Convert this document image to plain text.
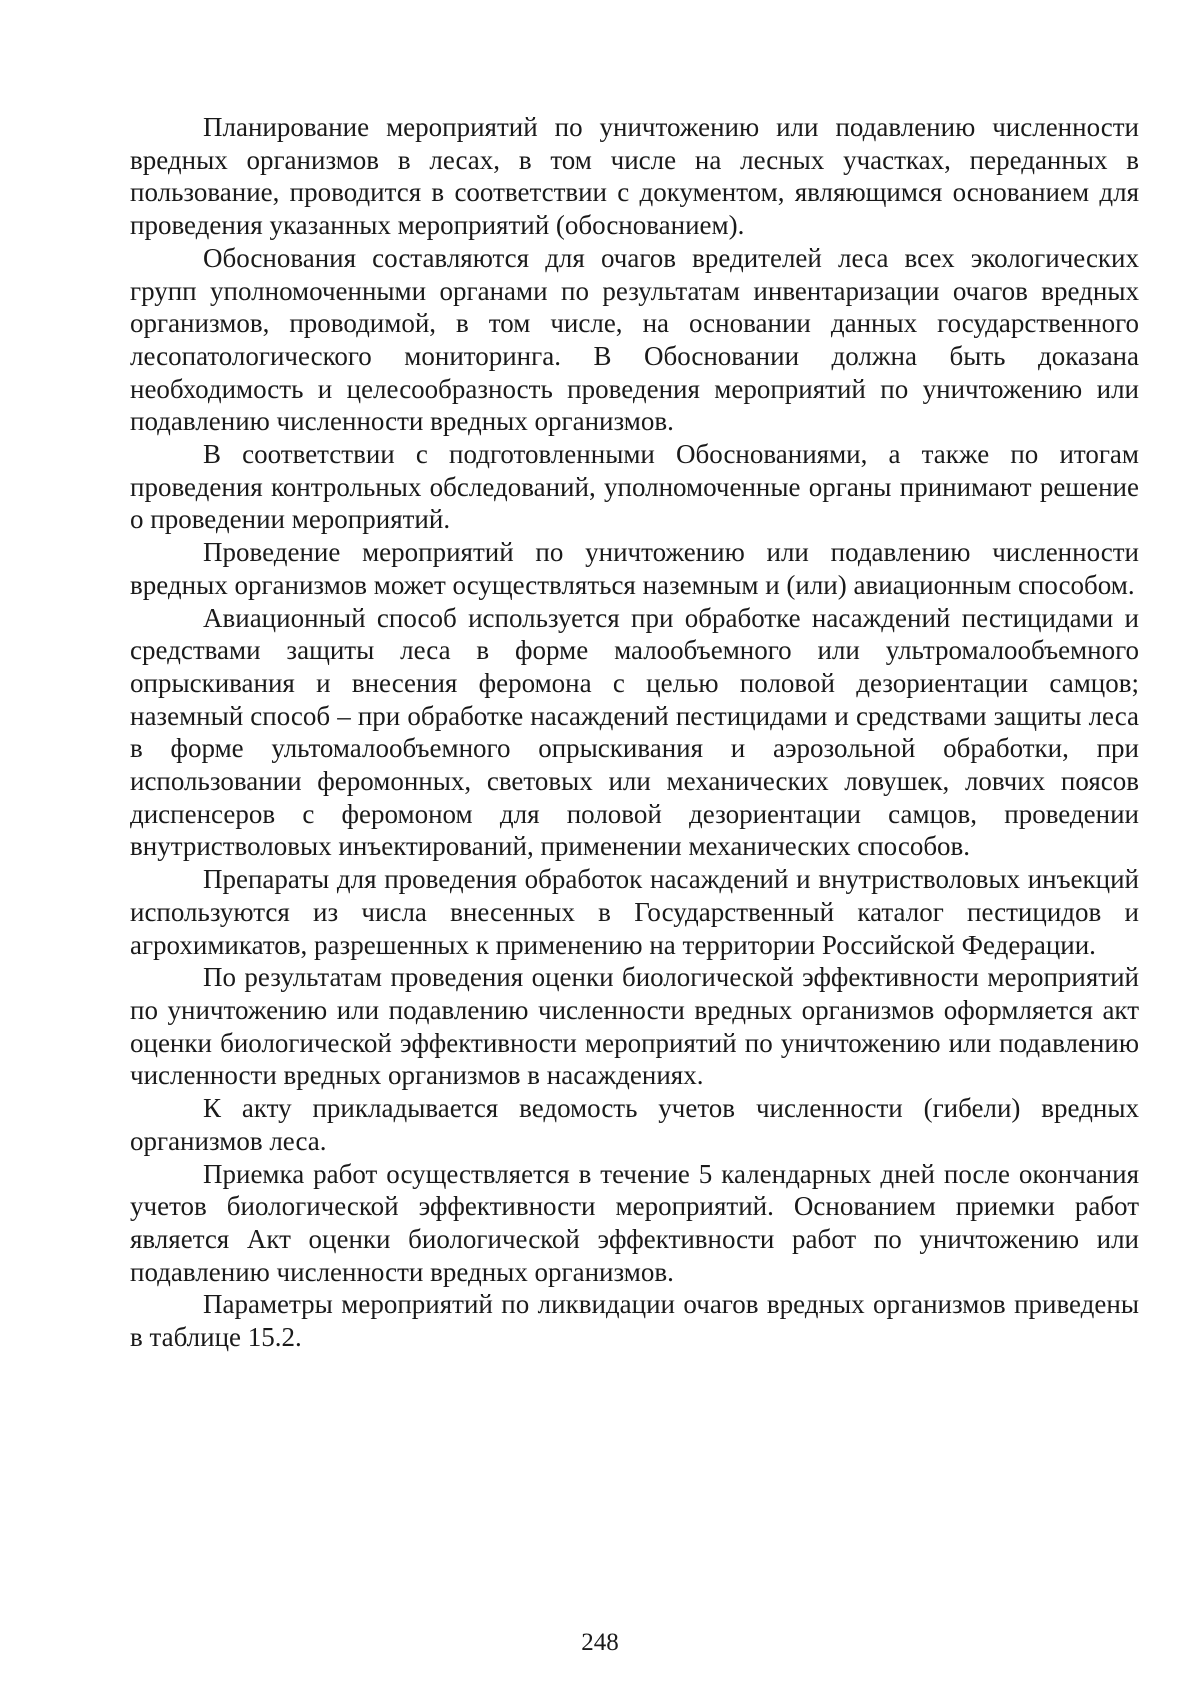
Планирование мероприятий по уничтожению или подавлению численности вредных организмов в лесах, в том числе на лесных участках, переданных в пользование, проводится в соответствии с документом, являющимся основанием для проведения указанных мероприятий (обоснованием).

Обоснования составляются для очагов вредителей леса всех экологических групп уполномоченными органами по результатам инвентаризации очагов вредных организмов, проводимой, в том числе, на основании данных государственного лесопатологического мониторинга. В Обосновании должна быть доказана необходимость и целесообразность проведения мероприятий по уничтожению или подавлению численности вредных организмов.

В соответствии с подготовленными Обоснованиями, а также по итогам проведения контрольных обследований, уполномоченные органы принимают решение о проведении мероприятий.

Проведение мероприятий по уничтожению или подавлению численности вредных организмов может осуществляться наземным и (или) авиационным способом.

Авиационный способ используется при обработке насаждений пестицидами и средствами защиты леса в форме малообъемного или ультромалообъемного опрыскивания и внесения феромона с целью половой дезориентации самцов; наземный способ – при обработке насаждений пестицидами и средствами защиты леса в форме ультомалообъемного опрыскивания и аэрозольной обработки, при использовании феромонных, световых или механических ловушек, ловчих поясов диспенсеров с феромоном для половой дезориентации самцов, проведении внутристволовых инъектирований, применении механических способов.

Препараты для проведения обработок насаждений и внутристволовых инъекций используются из числа внесенных в Государственный каталог пестицидов и агрохимикатов, разрешенных к применению на территории Российской Федерации.

По результатам проведения оценки биологической эффективности мероприятий по уничтожению или подавлению численности вредных организмов оформляется акт оценки биологической эффективности мероприятий по уничтожению или подавлению численности вредных организмов в насаждениях.

К акту прикладывается ведомость учетов численности (гибели) вредных организмов леса.

Приемка работ осуществляется в течение 5 календарных дней после окончания учетов биологической эффективности мероприятий. Основанием приемки работ является Акт оценки биологической эффективности работ по уничтожению или подавлению численности вредных организмов.

Параметры мероприятий по ликвидации очагов вредных организмов приведены в таблице 15.2.

248
